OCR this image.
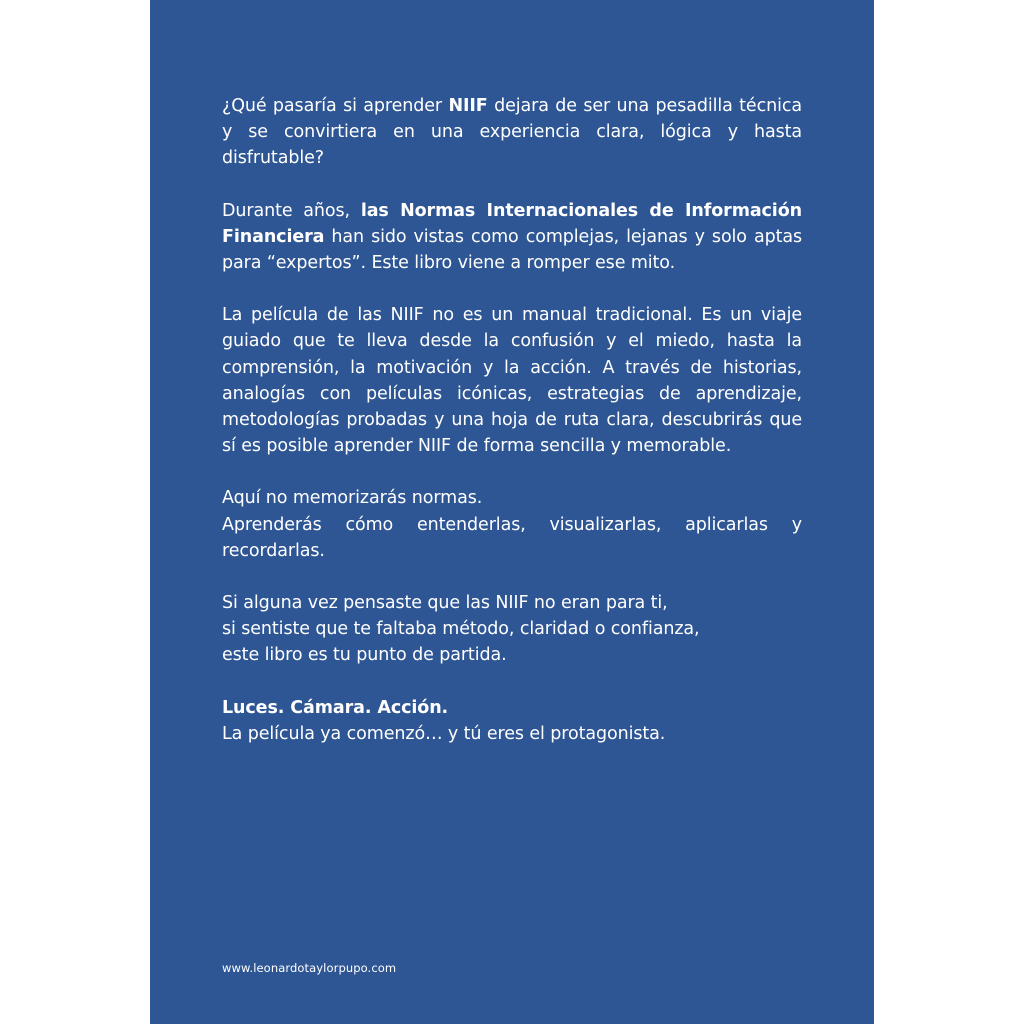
¿Qué pasaría si aprender NIIF dejara de ser una pesadilla técnica y se convirtiera en una experiencia clara, lógica y hasta disfrutable?

Durante años, las Normas Internacionales de Información Financiera han sido vistas como complejas, lejanas y solo aptas para “expertos”. Este libro viene a romper ese mito.

La película de las NIIF no es un manual tradicional. Es un viaje guiado que te lleva desde la confusión y el miedo, hasta la comprensión, la motivación y la acción. A través de historias, analogías con películas icónicas, estrategias de aprendizaje, metodologías probadas y una hoja de ruta clara, descubrirás que sí es posible aprender NIIF de forma sencilla y memorable.

Aquí no memorizarás normas.
Aprenderás cómo entenderlas, visualizarlas, aplicarlas y recordarlas.

Si alguna vez pensaste que las NIIF no eran para ti,
si sentiste que te faltaba método, claridad o confianza,
este libro es tu punto de partida.

Luces. Cámara. Acción.
La película ya comenzó… y tú eres el protagonista.

www.leonardotaylorpupo.com
